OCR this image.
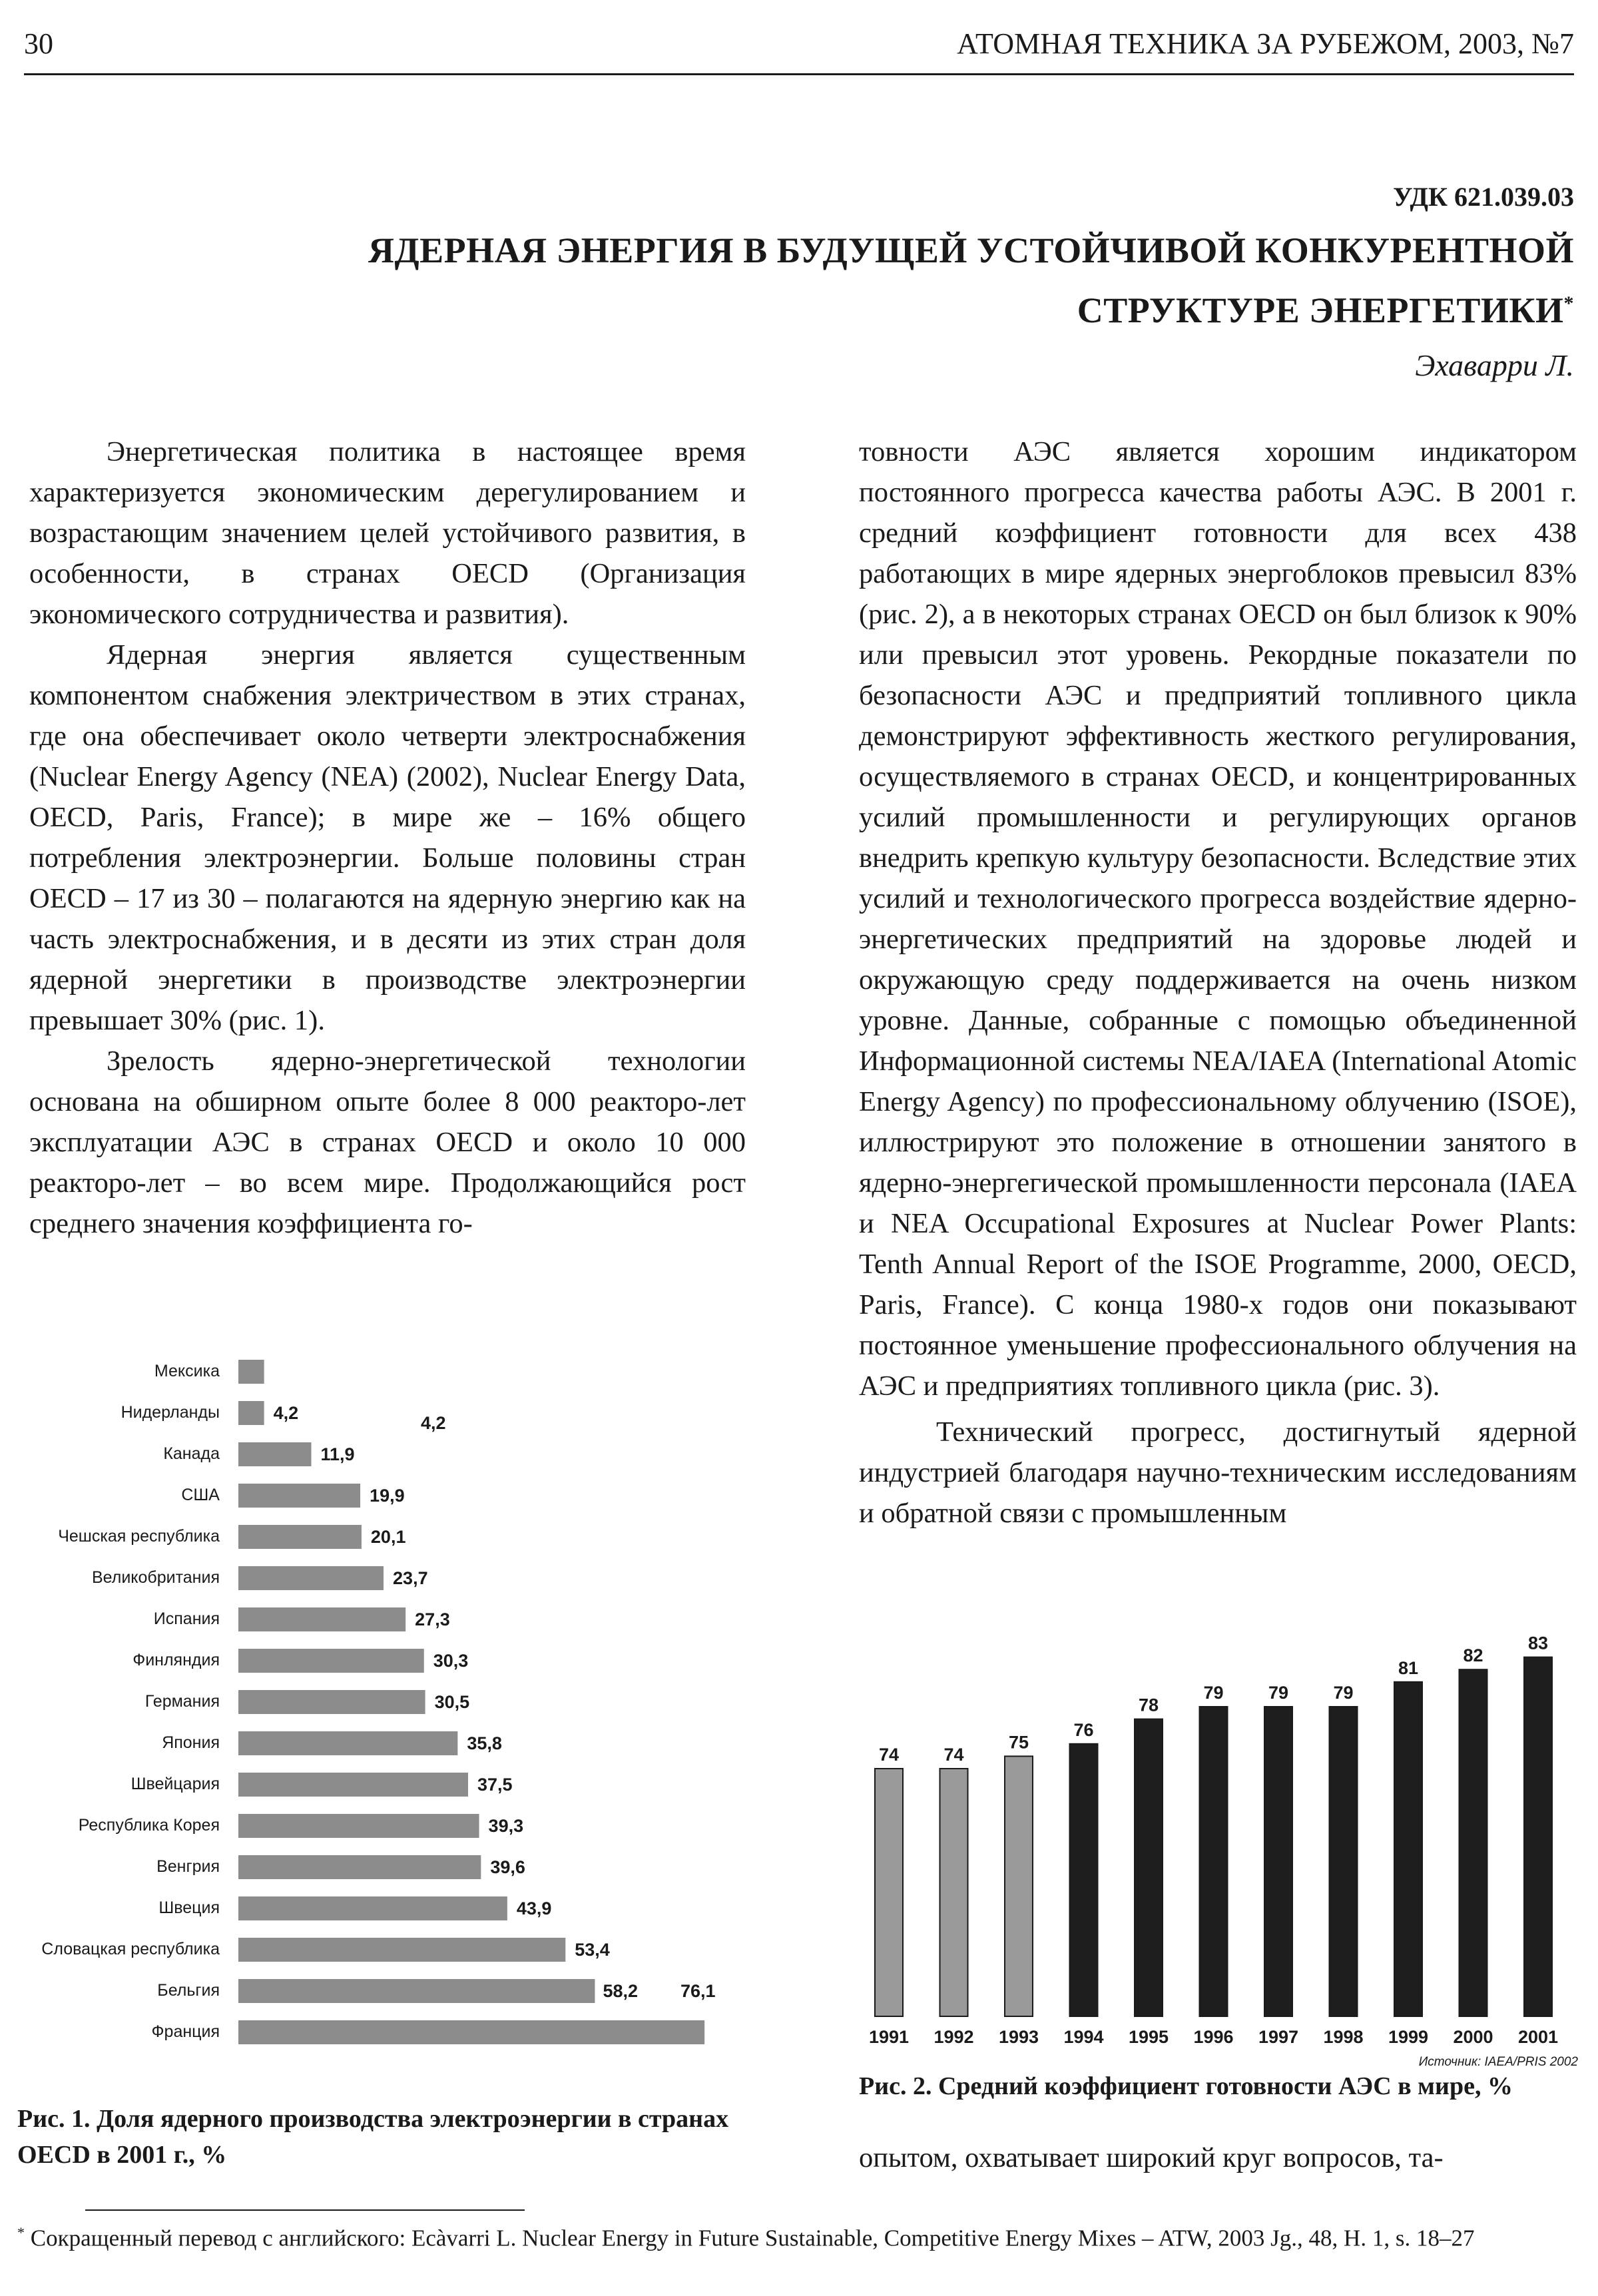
30	АТОМНАЯ ТЕХНИКА ЗА РУБЕЖОМ, 2003, №7
УДК 621.039.03
ЯДЕРНАЯ ЭНЕРГИЯ В БУДУЩЕЙ УСТОЙЧИВОЙ КОНКУРЕНТНОЙ СТРУКТУРЕ ЭНЕРГЕТИКИ*
Эхаварри Л.

Энергетическая политика в настоящее время характеризуется экономическим дерегулированием и возрастающим значением целей устойчивого развития, в особенности, в странах OECD (Организация экономического сотрудничества и развития).

Ядерная энергия является существенным компонентом снабжения электричеством в этих странах, где она обеспечивает около четверти электроснабжения (Nuclear Energy Agency (NEA) (2002), Nuclear Energy Data, OECD, Paris, France); в мире же – 16% общего потребления электроэнергии. Больше половины стран OECD – 17 из 30 – полагаются на ядерную энергию как на часть электроснабжения, и в десяти из этих стран доля ядерной энергетики в производстве электроэнергии превышает 30% (рис. 1).

Зрелость ядерно-энергетической технологии основана на обширном опыте более 8 000 реакторо-лет эксплуатации АЭС в странах OECD и около 10 000 реакторо-лет – во всем мире. Продолжающийся рост среднего значения коэффициента го-

товности АЭС является хорошим индикатором постоянного прогресса качества работы АЭС. В 2001 г. средний коэффициент готовности для всех 438 работающих в мире ядерных энергоблоков превысил 83% (рис. 2), а в некоторых странах OECD он был близок к 90% или превысил этот уровень. Рекордные показатели по безопасности АЭС и предприятий топливного цикла демонстрируют эффективность жесткого регулирования, осуществляемого в странах OECD, и концентрированных усилий промышленности и регулирующих органов внедрить крепкую культуру безопасности. Вследствие этих усилий и технологического прогресса воздействие ядерно-энергетических предприятий на здоровье людей и окружающую среду поддерживается на очень низком уровне. Данные, собранные с помощью объединенной Информационной системы NEA/IAEA (International Atomic Energy Agency) по профессиональному облучению (ISOE), иллюстрируют это положение в отношении занятого в ядерно-энергегической промышленности персонала (IAEA и NEA Occupational Exposures at Nuclear Power Plants: Tenth Annual Report of the ISOE Programme, 2000, OECD, Paris, France). С конца 1980-х годов они показывают постоянное уменьшение профессионального облучения на АЭС и предприятиях топливного цикла (рис. 3).

Технический прогресс, достигнутый ядерной индустрией благодаря научно-техническим исследованиям и обратной связи с промышленным

Мексика
Нидерланды	4,2
Канада	11,9
США	19,9
Чешская республика	20,1
Великобритания	23,7
Испания	27,3
Финляндия	30,3
Германия	30,5
Япония	35,8
Швейцария	37,5
Республика Корея	39,3
Венгрия	39,6
Швеция	43,9
Словацкая республика	53,4
Бельгия	58,2
Франция
76,1
4,2
74
1991
74
1992
75
1993
76
1994
78
1995
79
1996
79
1997
79
1998
81
1999
82
2000
83
2001
Источник: IAEA/PRIS 2002
Рис. 1. Доля ядерного производства электроэнергии в странах OECD в 2001 г., %
Рис. 2. Средний коэффициент готовности АЭС в мире, %

опытом, охватывает широкий круг вопросов, та-

* Сокращенный перевод с английского: Ecàvarri L. Nuclear Energy in Future Sustainable, Competitive Energy Mixes – ATW, 2003 Jg., 48, H. 1, s. 18–27
